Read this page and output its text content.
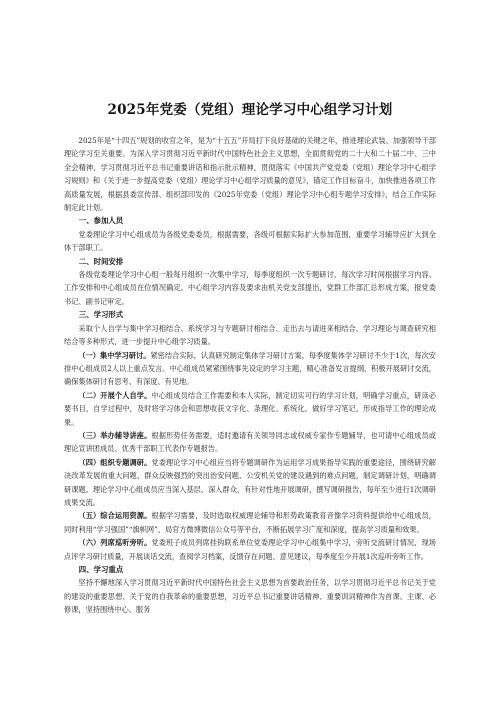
2025年党委（党组）理论学习中心组学习计划

2025年是“十四五”规划的收官之年，是为“十五五”开局打下良好基础的关键之年，推进理论武装、加强领导干部理论学习至关重要。为深入学习贯彻习近平新时代中国特色社会主义思想，全面贯彻党的二十大和二十届二中、三中全会精神，学习贯彻习近平总书记重要讲话和指示批示精神，贯彻落实《中国共产党党委（党组）理论学习中心组学习规则》和《关于进一步提高党委（党组）理论学习中心组学习质量的意见》，锚定工作目标奋斗，加快推进各项工作高质量发展，根据县委宣传部、组织部印发的《2025年党委（党组）理论学习中心组专题学习安排》，结合工作实际制定此计划。

一、参加人员

党委理论学习中心组成员为各级党委委员，根据需要，各级可根据实际扩大参加范围，重要学习辅导应扩大到全体干部职工。

二、时间安排

各级党委理论学习中心组一般每月组织一次集中学习，每季度组织一次专题研讨，每次学习时间根据学习内容、工作安排和中心组成员在位情况确定。中心组学习内容及要求由机关党支部提出，党群工作部汇总形成方案，报党委书记、副书记审定。

三、学习形式

采取个人自学与集中学习相结合、系统学习与专题研讨相结合、走出去与请进来相结合、学习理论与调查研究相结合等多种形式，进一步提升中心组学习质量。

（一）集中学习研讨。紧密结合实际，认真研究制定集体学习研讨方案，每季度集体学习研讨不少于1次，每次安排中心组成员2人以上重点发言。中心组成员紧紧围绕事先设定的学习主题，精心准备发言提纲，积极开展研讨交流，确保集体研讨有思考、有深度、有见地。

（二）开展个人自学。中心组成员结合工作需要和本人实际，制定切实可行的学习计划，明确学习重点，研读必要书目，自学过程中，及时将学习体会和思想收获文字化、条理化、系统化，做好学习笔记，形成指导工作的理论成果。

（三）举办辅导讲座。根据形势任务需要，适时邀请有关领导同志或权威专家作专题辅导，也可请中心组成员或理论宣讲团成员、优秀干部职工代表作专题报告。

（四）组织专题调研。党委理论学习中心组应当将专题调研作为运用学习成果指导实践的重要途径，围绕研究解决改革发展的重大问题、群众反映强烈的突出治安问题、公安机关党的建设遇到的难点问题，制定调研计划，明确调研课题。理论学习中心组成员应当深入基层、深入群众，有针对性地开展调研，撰写调研报告，每年至少进行1次调研成果交流。

（五）综合运用资源。根据学习需要，及时选取权威理论辅导和形势政策教育音像学习资料提供给中心组成员，同时利用“学习强国”“旗帜网”、局官方微博微信公众号等平台，不断拓展学习广度和深度，提高学习质量和效果。

（六）列席巡听旁听。党委班子成员列席挂钩联系单位党委理论学习中心组集中学习，旁听交流研讨情况，现场点评学习研讨质量，开展谈话交流，查阅学习档案，反馈存在问题、意见建议，每季度至少开展1次巡听旁听工作。

四、学习重点

坚持不懈地深入学习贯彻习近平新时代中国特色社会主义思想为首要政治任务，以学习贯彻习近平总书记关于党的建设的重要思想、关于党的自我革命的重要思想，习近平总书记重要讲话精神、重要训词精神作为首课、主课、必修课，坚持围绕中心、服务
